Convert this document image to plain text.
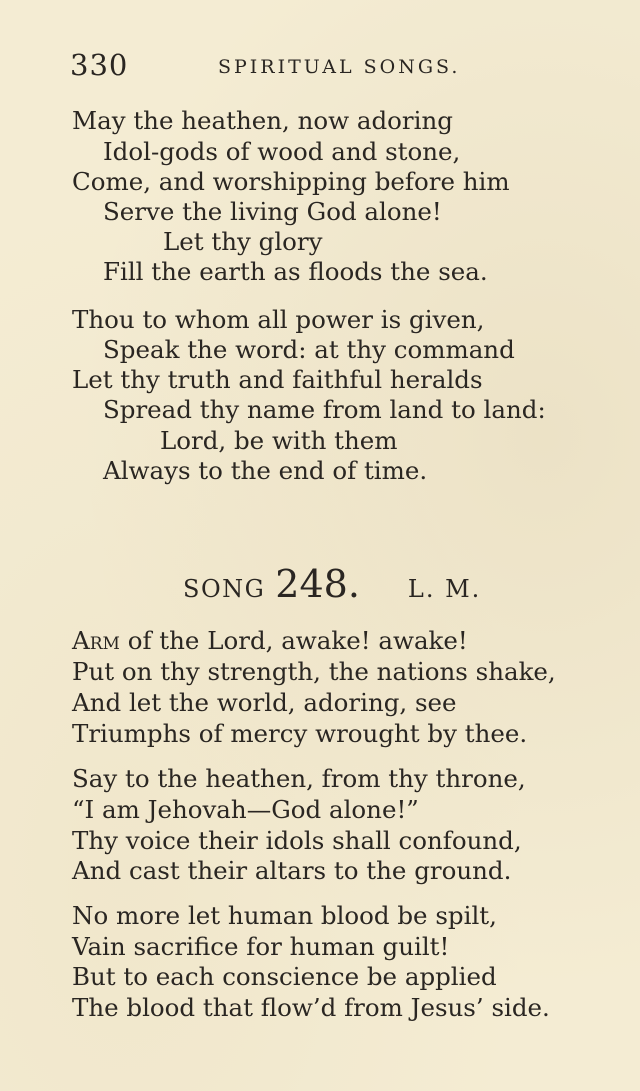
330	SPIRITUAL SONGS.
May the heathen, now adoring
Idol-gods of wood and stone,
Come, and worshipping before him
Serve the living God alone!
Let thy glory
Fill the earth as floods the sea.
Thou to whom all power is given,
Speak the word: at thy command
Let thy truth and faithful heralds
Spread thy name from land to land:
Lord, be with them
Always to the end of time.
SONG 248. L. M.
Arm of the Lord, awake! awake!
Put on thy strength, the nations shake,
And let the world, adoring, see
Triumphs of mercy wrought by thee.
Say to the heathen, from thy throne,
“I am Jehovah—God alone!”
Thy voice their idols shall confound,
And cast their altars to the ground.
No more let human blood be spilt,
Vain sacrifice for human guilt!
But to each conscience be applied
The blood that flow’d from Jesus’ side.
